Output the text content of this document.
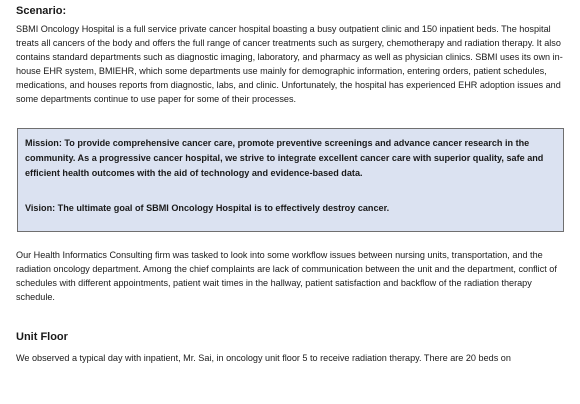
Scenario:

SBMI Oncology Hospital is a full service private cancer hospital boasting a busy outpatient clinic and 150 inpatient beds. The hospital treats all cancers of the body and offers the full range of cancer treatments such as surgery, chemotherapy and radiation therapy. It also contains standard departments such as diagnostic imaging, laboratory, and pharmacy as well as physician clinics. SBMI uses its own in-house EHR system, BMIEHR, which some departments use mainly for demographic information, entering orders, patient schedules, medications, and houses reports from diagnostic, labs, and clinic. Unfortunately, the hospital has experienced EHR adoption issues and some departments continue to use paper for some of their processes.

Mission: To provide comprehensive cancer care, promote preventive screenings and advance cancer research in the community. As a progressive cancer hospital, we strive to integrate excellent cancer care with superior quality, safe and efficient health outcomes with the aid of technology and evidence-based data.

Vision: The ultimate goal of SBMI Oncology Hospital is to effectively destroy cancer.

Our Health Informatics Consulting firm was tasked to look into some workflow issues between nursing units, transportation, and the radiation oncology department. Among the chief complaints are lack of communication between the unit and the department, conflict of schedules with different appointments, patient wait times in the hallway, patient satisfaction and backflow of the radiation therapy schedule.

Unit Floor

We observed a typical day with inpatient, Mr. Sai, in oncology unit floor 5 to receive radiation therapy. There are 20 beds on
